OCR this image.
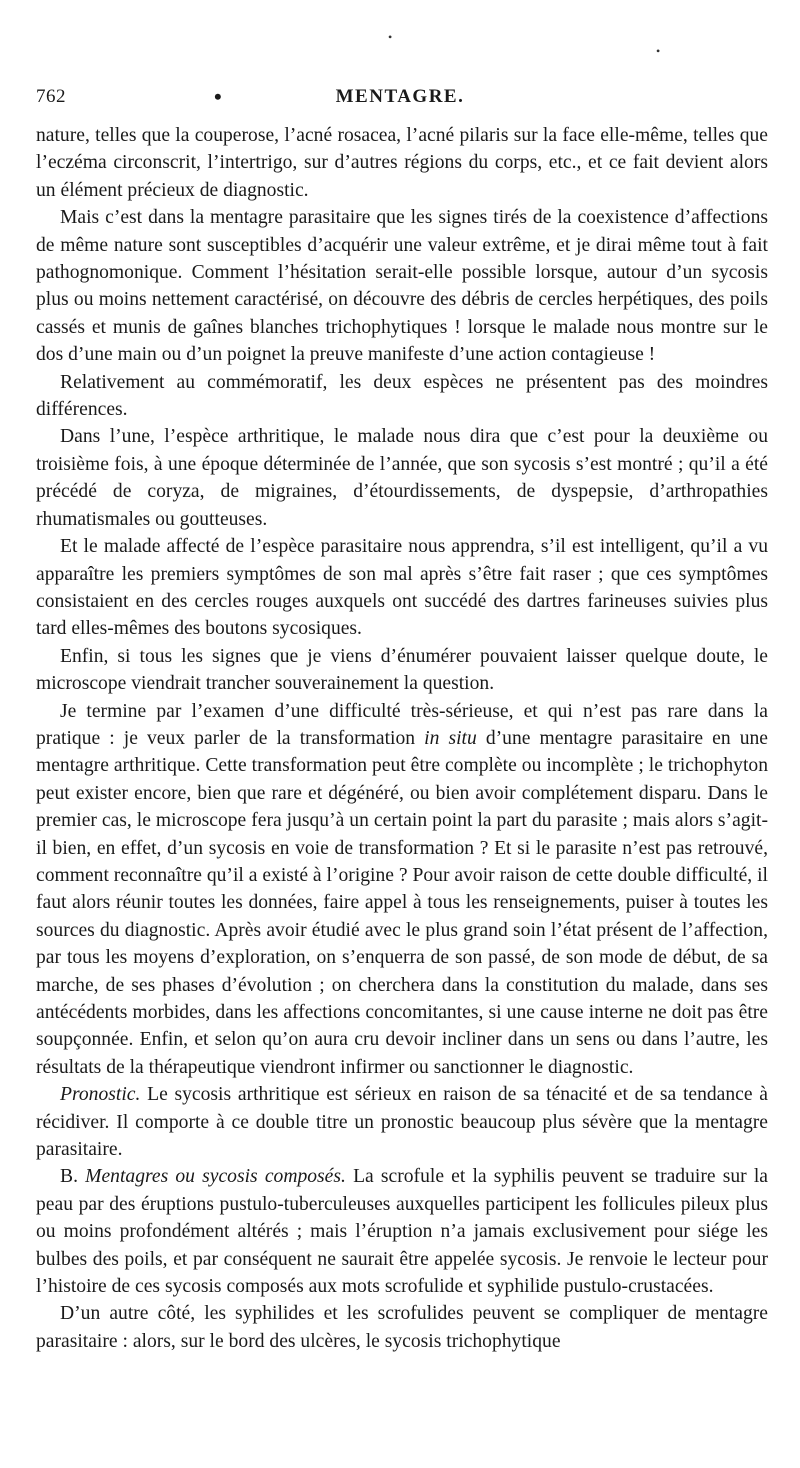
•
•
762	•	MENTAGRE.

nature, telles que la couperose, l’acné rosacea, l’acné pilaris sur la face elle-même, telles que l’eczéma circonscrit, l’intertrigo, sur d’autres régions du corps, etc., et ce fait devient alors un élément précieux de diagnostic.

Mais c’est dans la mentagre parasitaire que les signes tirés de la coexistence d’affections de même nature sont susceptibles d’acquérir une valeur extrême, et je dirai même tout à fait pathognomonique. Comment l’hésitation serait-elle possible lorsque, autour d’un sycosis plus ou moins nettement caractérisé, on découvre des débris de cercles herpétiques, des poils cassés et munis de gaînes blanches trichophytiques ! lorsque le malade nous montre sur le dos d’une main ou d’un poignet la preuve manifeste d’une action contagieuse !

Relativement au commémoratif, les deux espèces ne présentent pas des moindres différences.

Dans l’une, l’espèce arthritique, le malade nous dira que c’est pour la deuxième ou troisième fois, à une époque déterminée de l’année, que son sycosis s’est montré ; qu’il a été précédé de coryza, de migraines, d’étourdissements, de dyspepsie, d’arthropathies rhumatismales ou goutteuses.

Et le malade affecté de l’espèce parasitaire nous apprendra, s’il est intelligent, qu’il a vu apparaître les premiers symptômes de son mal après s’être fait raser ; que ces symptômes consistaient en des cercles rouges auxquels ont succédé des dartres farineuses suivies plus tard elles-mêmes des boutons sycosiques.

Enfin, si tous les signes que je viens d’énumérer pouvaient laisser quelque doute, le microscope viendrait trancher souverainement la question.

Je termine par l’examen d’une difficulté très-sérieuse, et qui n’est pas rare dans la pratique : je veux parler de la transformation in situ d’une mentagre parasitaire en une mentagre arthritique. Cette transformation peut être complète ou incomplète ; le trichophyton peut exister encore, bien que rare et dégénéré, ou bien avoir complétement disparu. Dans le premier cas, le microscope fera jusqu’à un certain point la part du parasite ; mais alors s’agit-il bien, en effet, d’un sycosis en voie de transformation ? Et si le parasite n’est pas retrouvé, comment reconnaître qu’il a existé à l’origine ? Pour avoir raison de cette double difficulté, il faut alors réunir toutes les données, faire appel à tous les renseignements, puiser à toutes les sources du diagnostic. Après avoir étudié avec le plus grand soin l’état présent de l’affection, par tous les moyens d’exploration, on s’enquerra de son passé, de son mode de début, de sa marche, de ses phases d’évolution ; on cherchera dans la constitution du malade, dans ses antécédents morbides, dans les affections concomitantes, si une cause interne ne doit pas être soupçonnée. Enfin, et selon qu’on aura cru devoir incliner dans un sens ou dans l’autre, les résultats de la thérapeutique viendront infirmer ou sanctionner le diagnostic.

Pronostic. Le sycosis arthritique est sérieux en raison de sa ténacité et de sa tendance à récidiver. Il comporte à ce double titre un pronostic beaucoup plus sévère que la mentagre parasitaire.

B. Mentagres ou sycosis composés. La scrofule et la syphilis peuvent se traduire sur la peau par des éruptions pustulo-tuberculeuses auxquelles participent les follicules pileux plus ou moins profondément altérés ; mais l’éruption n’a jamais exclusivement pour siége les bulbes des poils, et par conséquent ne saurait être appelée sycosis. Je renvoie le lecteur pour l’histoire de ces sycosis composés aux mots scrofulide et syphilide pustulo-crustacées.

D’un autre côté, les syphilides et les scrofulides peuvent se compliquer de mentagre parasitaire : alors, sur le bord des ulcères, le sycosis trichophytique
